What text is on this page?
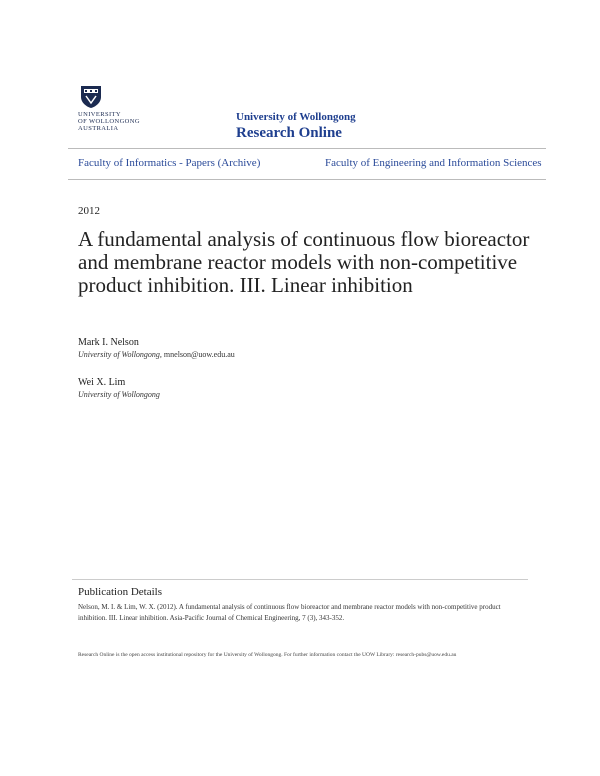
UNIVERSITY
OF WOLLONGONG
AUSTRALIA
University of Wollongong
Research Online
Faculty of Informatics - Papers (Archive)	Faculty of Engineering and Information Sciences
2012
A fundamental analysis of continuous flow bioreactor and membrane reactor models with non-competitive product inhibition. III. Linear inhibition
Mark I. Nelson
University of Wollongong, mnelson@uow.edu.au
Wei X. Lim
University of Wollongong
Publication Details
Nelson, M. I. & Lim, W. X. (2012). A fundamental analysis of continuous flow bioreactor and membrane reactor models with non-competitive product inhibition. III. Linear inhibition. Asia-Pacific Journal of Chemical Engineering, 7 (3), 343-352.
Research Online is the open access institutional repository for the University of Wollongong. For further information contact the UOW Library: research-pubs@uow.edu.au
